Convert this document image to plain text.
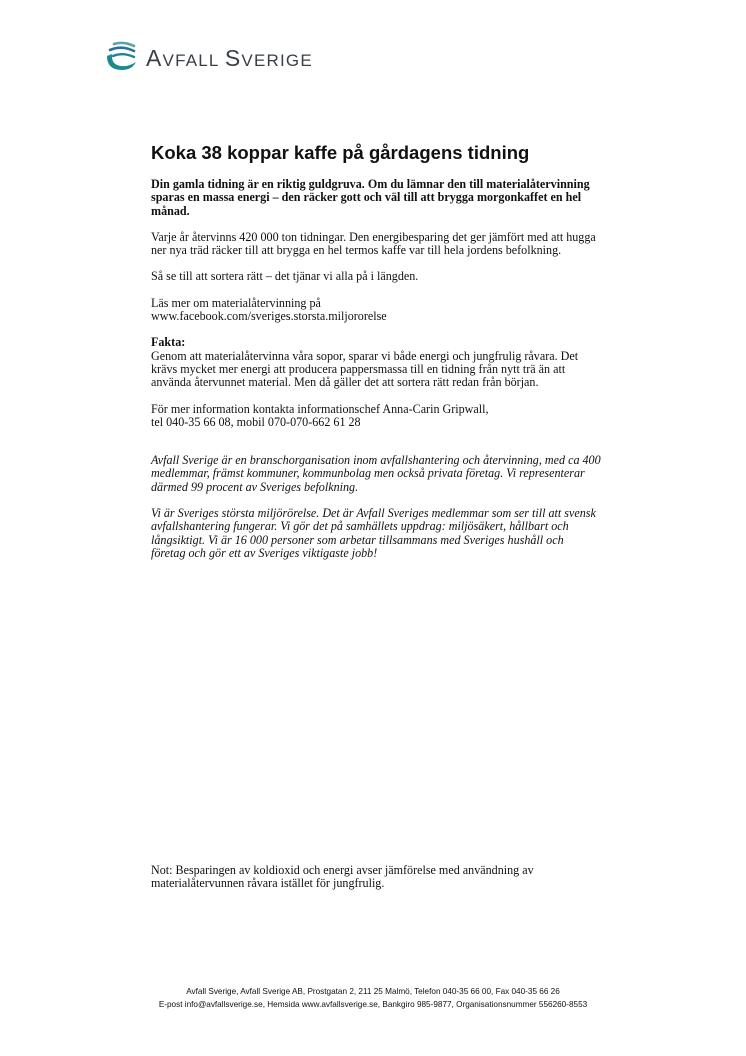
AVFALL SVERIGE
Koka 38 koppar kaffe på gårdagens tidning

Din gamla tidning är en riktig guldgruva. Om du lämnar den till materialåtervinning sparas en massa energi – den räcker gott och väl till att brygga morgonkaffet en hel månad.

Varje år återvinns 420 000 ton tidningar. Den energibesparing det ger jämfört med att hugga ner nya träd räcker till att brygga en hel termos kaffe var till hela jordens befolkning.

Så se till att sortera rätt – det tjänar vi alla på i längden.

Läs mer om materialåtervinning på

www.facebook.com/sveriges.storsta.miljororelse

Fakta:

Genom att materialåtervinna våra sopor, sparar vi både energi och jungfrulig råvara. Det krävs mycket mer energi att producera pappersmassa till en tidning från nytt trä än att använda återvunnet material. Men då gäller det att sortera rätt redan från början.

För mer information kontakta informationschef Anna-Carin Gripwall,

tel 040-35 66 08, mobil 070-070-662 61 28

Avfall Sverige är en branschorganisation inom avfallshantering och återvinning, med ca 400 medlemmar, främst kommuner, kommunbolag men också privata företag. Vi representerar därmed 99 procent av Sveriges befolkning.

Vi är Sveriges största miljörörelse. Det är Avfall Sveriges medlemmar som ser till att svensk avfallshantering fungerar. Vi gör det på samhällets uppdrag: miljösäkert, hållbart och långsiktigt. Vi är 16 000 personer som arbetar tillsammans med Sveriges hushåll och företag och gör ett av Sveriges viktigaste jobb!

Not: Besparingen av koldioxid och energi avser jämförelse med användning av materialåtervunnen råvara istället för jungfrulig.

Avfall Sverige, Avfall Sverige AB, Prostgatan 2, 211 25 Malmö, Telefon 040-35 66 00, Fax 040-35 66 26
E-post info@avfallsverige.se, Hemsida www.avfallsverige.se, Bankgiro 985-9877, Organisationsnummer 556260-8553
